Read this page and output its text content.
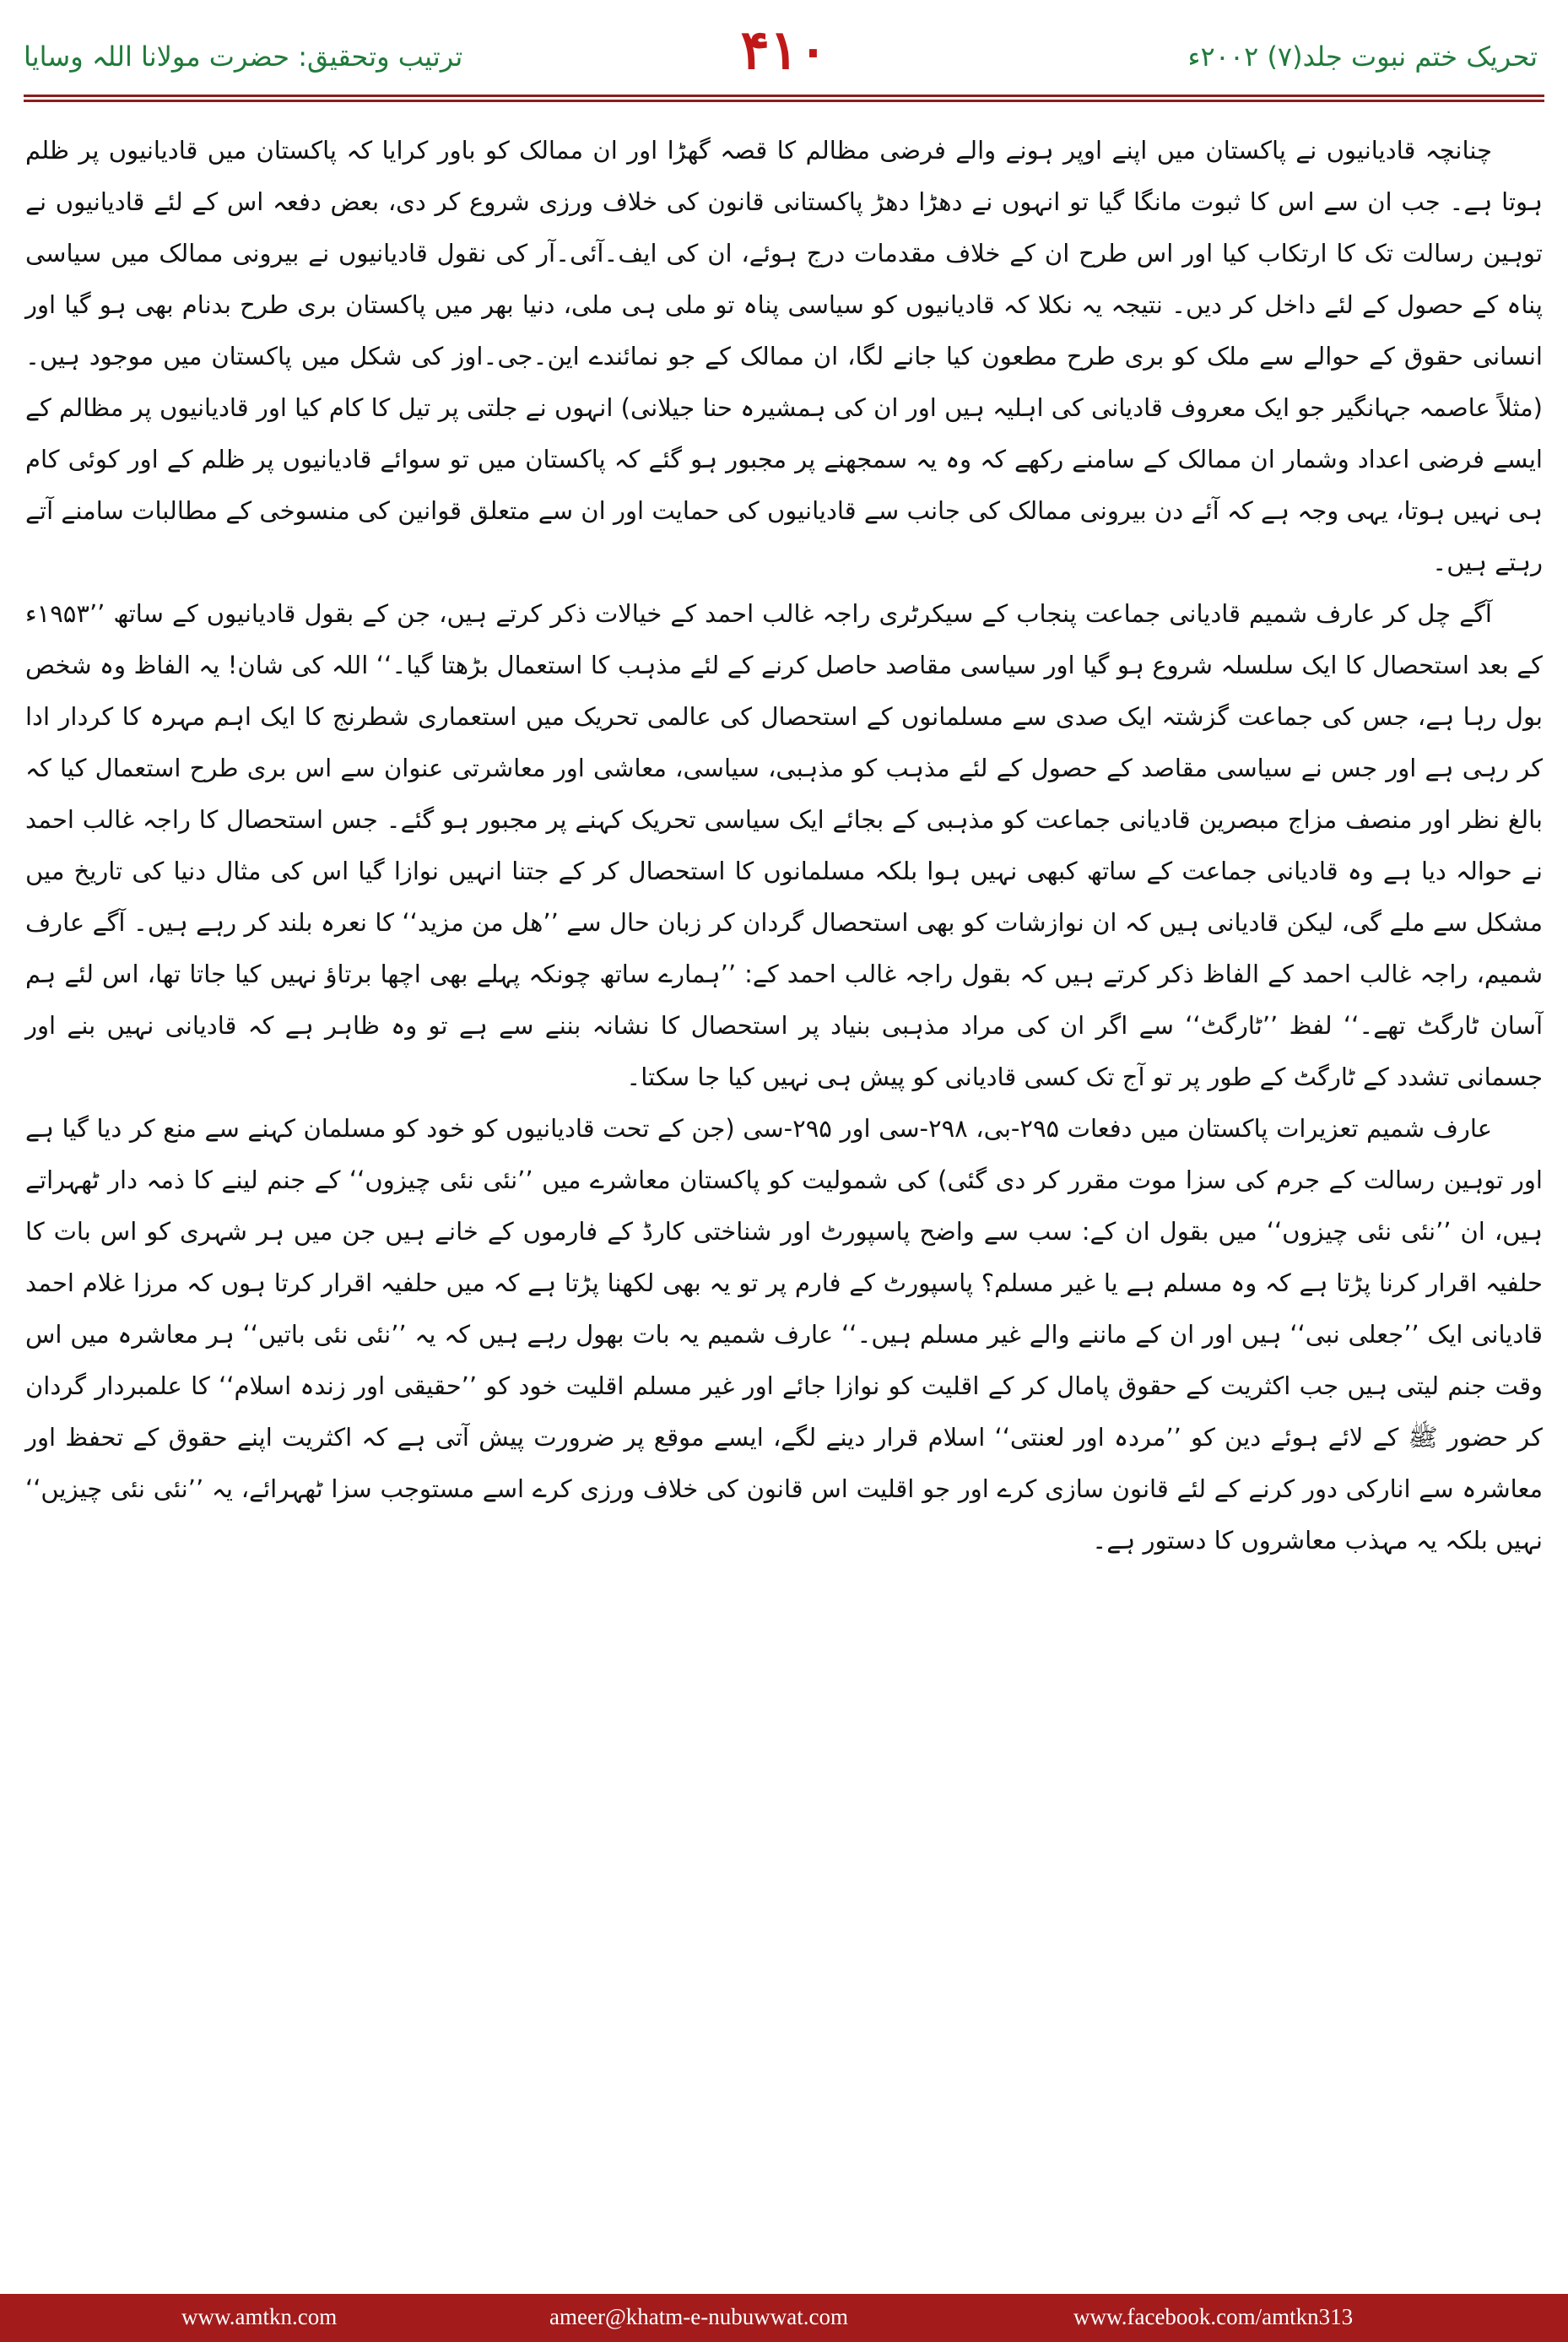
ترتیب وتحقیق: حضرت مولانا اللہ وسایا	۴۱۰	تحریک ختم نبوت جلد(۷) ۲۰۰۲ء

چنانچہ قادیانیوں نے پاکستان میں اپنے اوپر ہونے والے فرضی مظالم کا قصہ گھڑا اور ان ممالک کو باور کرایا کہ پاکستان میں قادیانیوں پر ظلم ہوتا ہے۔ جب ان سے اس کا ثبوت مانگا گیا تو انہوں نے دھڑا دھڑ پاکستانی قانون کی خلاف ورزی شروع کر دی، بعض دفعہ اس کے لئے قادیانیوں نے توہین رسالت تک کا ارتکاب کیا اور اس طرح ان کے خلاف مقدمات درج ہوئے، ان کی ایف۔آئی۔آر کی نقول قادیانیوں نے بیرونی ممالک میں سیاسی پناہ کے حصول کے لئے داخل کر دیں۔ نتیجہ یہ نکلا کہ قادیانیوں کو سیاسی پناہ تو ملی ہی ملی، دنیا بھر میں پاکستان بری طرح بدنام بھی ہو گیا اور انسانی حقوق کے حوالے سے ملک کو بری طرح مطعون کیا جانے لگا، ان ممالک کے جو نمائندے این۔جی۔اوز کی شکل میں پاکستان میں موجود ہیں۔ (مثلاً عاصمہ جہانگیر جو ایک معروف قادیانی کی اہلیہ ہیں اور ان کی ہمشیرہ حنا جیلانی) انہوں نے جلتی پر تیل کا کام کیا اور قادیانیوں پر مظالم کے ایسے فرضی اعداد وشمار ان ممالک کے سامنے رکھے کہ وہ یہ سمجھنے پر مجبور ہو گئے کہ پاکستان میں تو سوائے قادیانیوں پر ظلم کے اور کوئی کام ہی نہیں ہوتا، یہی وجہ ہے کہ آئے دن بیرونی ممالک کی جانب سے قادیانیوں کی حمایت اور ان سے متعلق قوانین کی منسوخی کے مطالبات سامنے آتے رہتے ہیں۔

آگے چل کر عارف شمیم قادیانی جماعت پنجاب کے سیکرٹری راجہ غالب احمد کے خیالات ذکر کرتے ہیں، جن کے بقول قادیانیوں کے ساتھ ’’۱۹۵۳ء کے بعد استحصال کا ایک سلسلہ شروع ہو گیا اور سیاسی مقاصد حاصل کرنے کے لئے مذہب کا استعمال بڑھتا گیا۔‘‘ اللہ کی شان! یہ الفاظ وہ شخص بول رہا ہے، جس کی جماعت گزشتہ ایک صدی سے مسلمانوں کے استحصال کی عالمی تحریک میں استعماری شطرنج کا ایک اہم مہرہ کا کردار ادا کر رہی ہے اور جس نے سیاسی مقاصد کے حصول کے لئے مذہب کو مذہبی، سیاسی، معاشی اور معاشرتی عنوان سے اس بری طرح استعمال کیا کہ بالغ نظر اور منصف مزاج مبصرین قادیانی جماعت کو مذہبی کے بجائے ایک سیاسی تحریک کہنے پر مجبور ہو گئے۔ جس استحصال کا راجہ غالب احمد نے حوالہ دیا ہے وہ قادیانی جماعت کے ساتھ کبھی نہیں ہوا بلکہ مسلمانوں کا استحصال کر کے جتنا انہیں نوازا گیا اس کی مثال دنیا کی تاریخ میں مشکل سے ملے گی، لیکن قادیانی ہیں کہ ان نوازشات کو بھی استحصال گردان کر زبان حال سے ’’ھل من مزید‘‘ کا نعرہ بلند کر رہے ہیں۔ آگے عارف شمیم، راجہ غالب احمد کے الفاظ ذکر کرتے ہیں کہ بقول راجہ غالب احمد کے: ’’ہمارے ساتھ چونکہ پہلے بھی اچھا برتاؤ نہیں کیا جاتا تھا، اس لئے ہم آسان ٹارگٹ تھے۔‘‘ لفظ ’’ٹارگٹ‘‘ سے اگر ان کی مراد مذہبی بنیاد پر استحصال کا نشانہ بننے سے ہے تو وہ ظاہر ہے کہ قادیانی نہیں بنے اور جسمانی تشدد کے ٹارگٹ کے طور پر تو آج تک کسی قادیانی کو پیش ہی نہیں کیا جا سکتا۔

عارف شمیم تعزیرات پاکستان میں دفعات ۲۹۵-بی، ۲۹۸-سی اور ۲۹۵-سی (جن کے تحت قادیانیوں کو خود کو مسلمان کہنے سے منع کر دیا گیا ہے اور توہین رسالت کے جرم کی سزا موت مقرر کر دی گئی) کی شمولیت کو پاکستان معاشرے میں ’’نئی نئی چیزوں‘‘ کے جنم لینے کا ذمہ دار ٹھہراتے ہیں، ان ’’نئی نئی چیزوں‘‘ میں بقول ان کے: سب سے واضح پاسپورٹ اور شناختی کارڈ کے فارموں کے خانے ہیں جن میں ہر شہری کو اس بات کا حلفیہ اقرار کرنا پڑتا ہے کہ وہ مسلم ہے یا غیر مسلم؟ پاسپورٹ کے فارم پر تو یہ بھی لکھنا پڑتا ہے کہ میں حلفیہ اقرار کرتا ہوں کہ مرزا غلام احمد قادیانی ایک ’’جعلی نبی‘‘ ہیں اور ان کے ماننے والے غیر مسلم ہیں۔‘‘ عارف شمیم یہ بات بھول رہے ہیں کہ یہ ’’نئی نئی باتیں‘‘ ہر معاشرہ میں اس وقت جنم لیتی ہیں جب اکثریت کے حقوق پامال کر کے اقلیت کو نوازا جائے اور غیر مسلم اقلیت خود کو ’’حقیقی اور زندہ اسلام‘‘ کا علمبردار گردان کر حضور ﷺ کے لائے ہوئے دین کو ’’مردہ اور لعنتی‘‘ اسلام قرار دینے لگے، ایسے موقع پر ضرورت پیش آتی ہے کہ اکثریت اپنے حقوق کے تحفظ اور معاشرہ سے انارکی دور کرنے کے لئے قانون سازی کرے اور جو اقلیت اس قانون کی خلاف ورزی کرے اسے مستوجب سزا ٹھہرائے، یہ ’’نئی نئی چیزیں‘‘ نہیں بلکہ یہ مہذب معاشروں کا دستور ہے۔

www.amtkn.com	ameer@khatm-e-nubuwwat.com	www.facebook.com/amtkn313
